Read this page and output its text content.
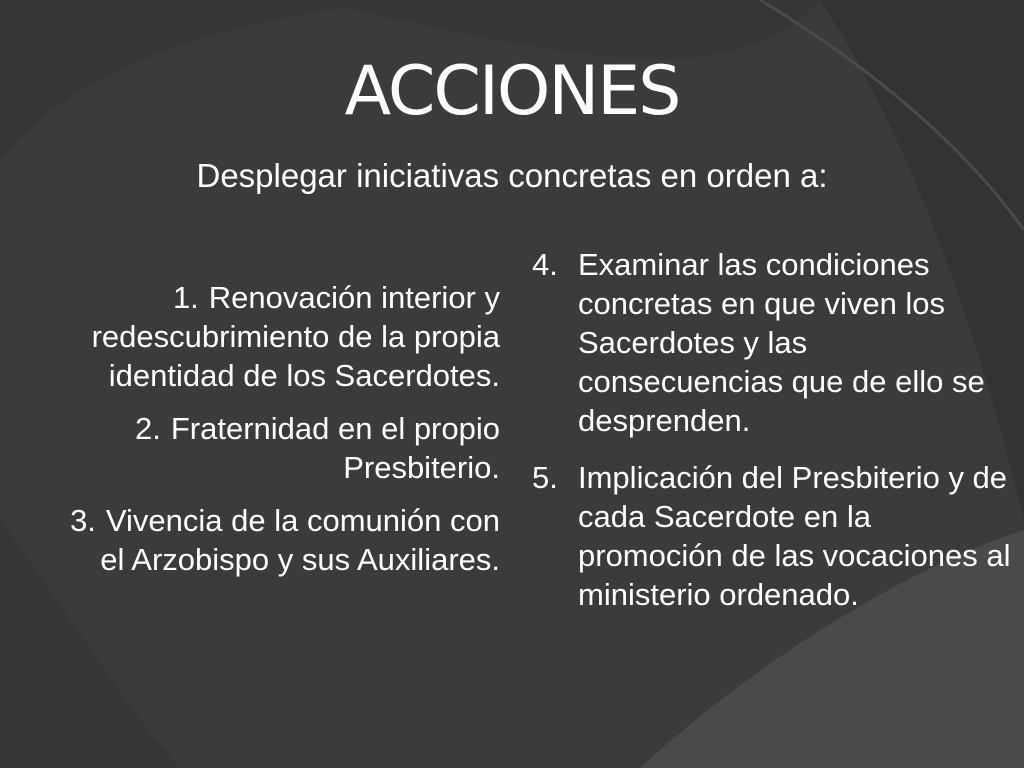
ACCIONES

Desplegar iniciativas concretas en orden a:

1. Renovación interior y redescubrimiento de la propia identidad de los Sacerdotes.
2. Fraternidad en el propio Presbiterio.
3. Vivencia de la comunión con el Arzobispo y sus Auxiliares.
4. Examinar las condiciones concretas en que viven los Sacerdotes y las consecuencias que de ello se desprenden.
5. Implicación del Presbiterio y de cada Sacerdote en la promoción de las vocaciones al ministerio ordenado.
